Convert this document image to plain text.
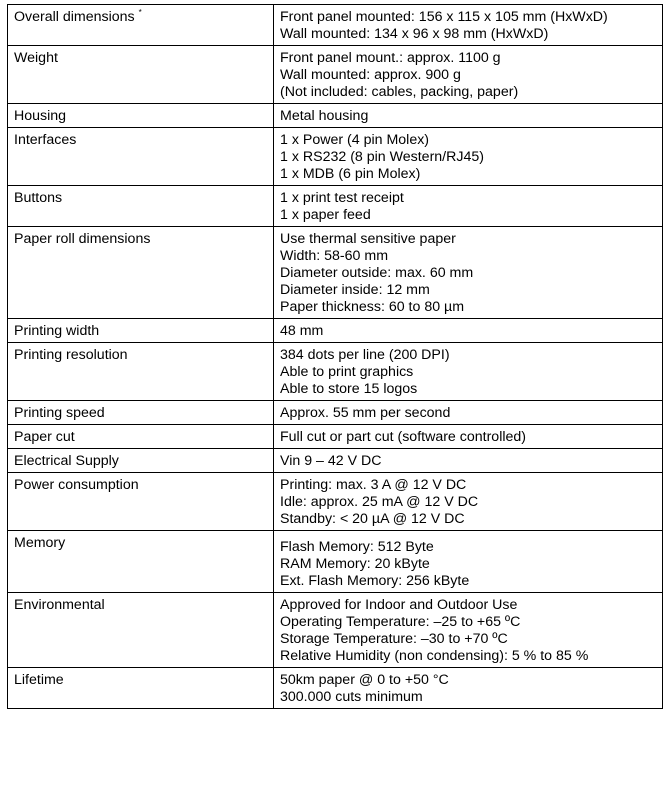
Overall dimensions *	Front panel mounted: 156 x 115 x 105 mm (HxWxD)
Wall mounted: 134 x 96 x 98 mm (HxWxD)

Weight	Front panel mount.: approx. 1100 g
Wall mounted: approx. 900 g
(Not included: cables, packing, paper)

Housing	Metal housing

Interfaces	1 x Power (4 pin Molex)
1 x RS232 (8 pin Western/RJ45)
1 x MDB (6 pin Molex)

Buttons	1 x print test receipt
1 x paper feed

Paper roll dimensions	Use thermal sensitive paper
Width: 58-60 mm
Diameter outside: max. 60 mm
Diameter inside: 12 mm
Paper thickness: 60 to 80 µm

Printing width	48 mm

Printing resolution	384 dots per line (200 DPI)
Able to print graphics
Able to store 15 logos

Printing speed	Approx. 55 mm per second

Paper cut	Full cut or part cut (software controlled)

Electrical Supply	Vin 9 – 42 V DC

Power consumption	Printing: max. 3 A @ 12 V DC
Idle: approx. 25 mA @ 12 V DC
Standby: < 20 µA @ 12 V DC

Memory	Flash Memory: 512 Byte
RAM Memory: 20 kByte
Ext. Flash Memory: 256 kByte

Environmental	Approved for Indoor and Outdoor Use
Operating Temperature: –25 to +65 ºC
Storage Temperature: –30 to +70 ºC
Relative Humidity (non condensing): 5 % to 85 %

Lifetime	50km paper @ 0 to +50 °C
300.000 cuts minimum
